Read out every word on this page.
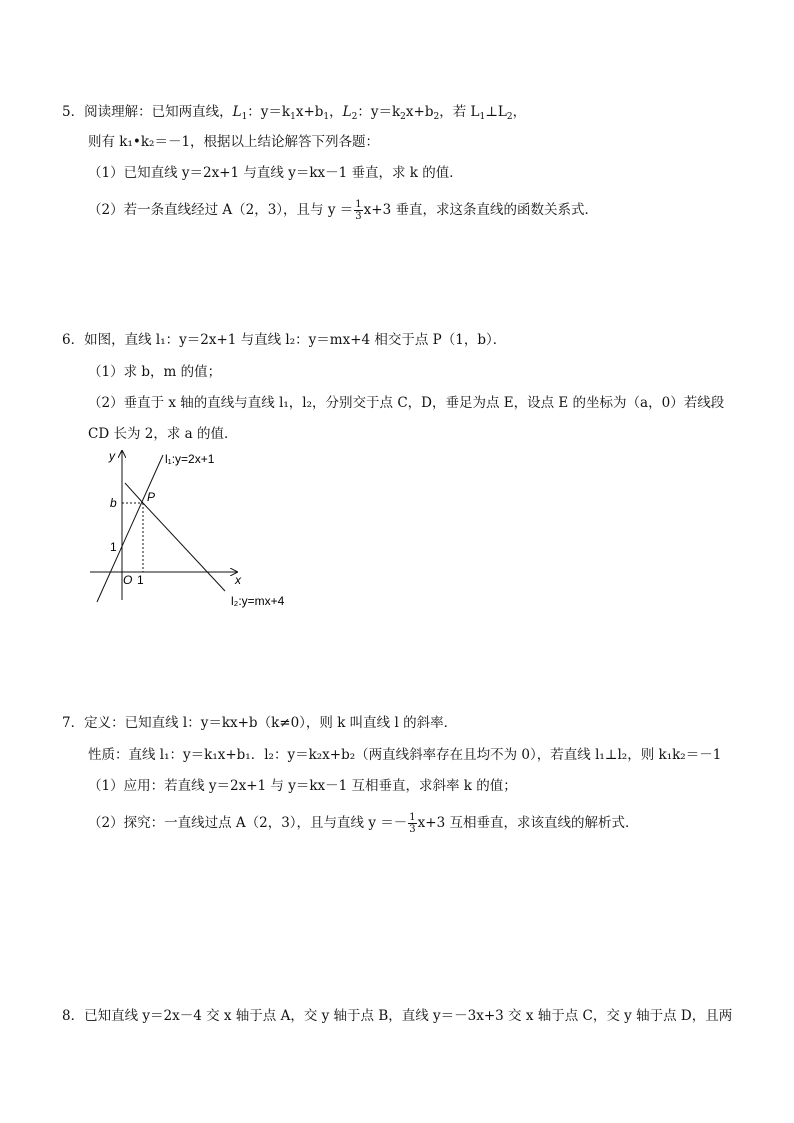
5．阅读理解：已知两直线，$L_1$：$y=k_1x+b_1$，$L_2$：$y=k_2x+b_2$，若 $L_1\perp L_2$，
则有 k₁•k₂＝－1，根据以上结论解答下列各题：
（1）已知直线 y＝2x+1 与直线 y＝kx－1 垂直，求 k 的值．
（2）若一条直线经过 A（2，3），且与 $y = \frac{1}{3} x+3$ 垂直，求这条直线的函数关系式．
6．如图，直线 l₁：y＝2x+1 与直线 l₂：y＝mx+4 相交于点 P（1，b）．
（1）求 b，m 的值；
（2）垂直于 x 轴的直线与直线 l₁，l₂，分别交于点 C，D，垂足为点 E，设点 E 的坐标为（a，0）若线段
CD 长为 2，求 a 的值．
y
x
l₁:y=2x+1
l₂:y=mx+4
P
b
1
O 1
7．定义：已知直线 l：y＝kx+b（k≠0），则 k 叫直线 l 的斜率．
性质：直线 l₁：y＝k₁x+b₁．l₂：y＝k₂x+b₂（两直线斜率存在且均不为 0），若直线 l₁⊥l₂，则 k₁k₂＝－1
（1）应用：若直线 y＝2x+1 与 y＝kx－1 互相垂直，求斜率 k 的值；
（2）探究：一直线过点 A（2，3），且与直线 $y =- \frac{1}{3} x+3$ 互相垂直，求该直线的解析式．
8．已知直线 y＝2x－4 交 x 轴于点 A，交 y 轴于点 B，直线 y＝－3x+3 交 x 轴于点 C，交 y 轴于点 D，且两
